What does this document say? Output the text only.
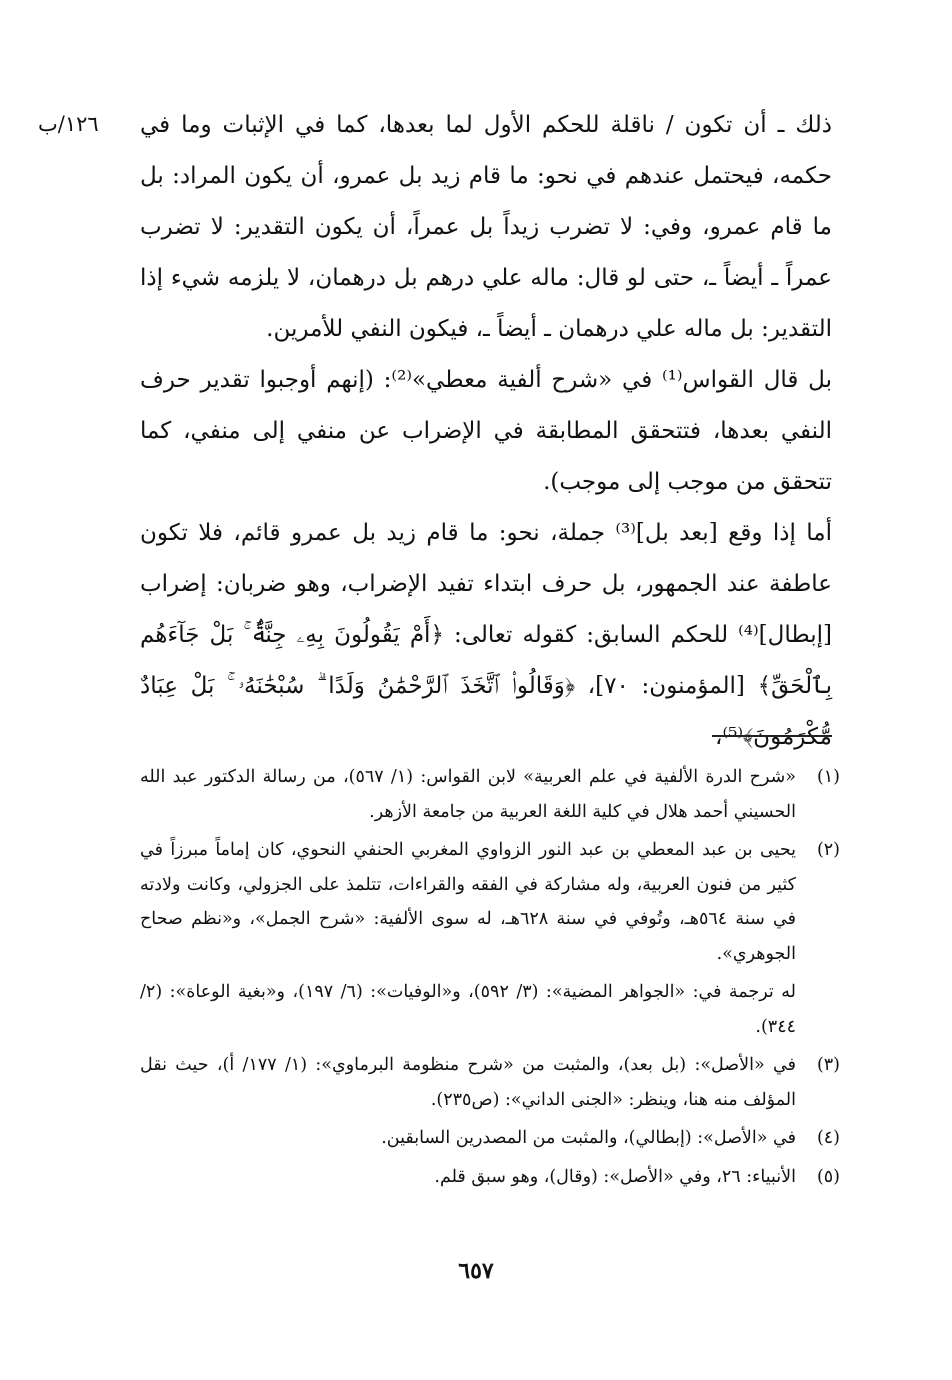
١٢٦/ب	ذلك ـ أن تكون / ناقلة للحكم الأول لما بعدها، كما في الإثبات وما في حكمه، فيحتمل عندهم في نحو: ما قام زيد بل عمرو، أن يكون المراد: بل ما قام عمرو، وفي: لا تضرب زيداً بل عمراً، أن يكون التقدير: لا تضرب عمراً ـ أيضاً ـ، حتى لو قال: ماله علي درهم بل درهمان، لا يلزمه شيء إذا التقدير: بل ماله علي درهمان ـ أيضاً ـ، فيكون النفي للأمرين.

بل قال القواس⁽¹⁾ في «شرح ألفية معطي»⁽²⁾: (إنهم أوجبوا تقدير حرف النفي بعدها، فتتحقق المطابقة في الإضراب عن منفي إلى منفي، كما تتحقق من موجب إلى موجب).

أما إذا وقع [بعد بل]⁽³⁾ جملة، نحو: ما قام زيد بل عمرو قائم، فلا تكون عاطفة عند الجمهور، بل حرف ابتداء تفيد الإضراب، وهو ضربان: إضراب [إبطال]⁽⁴⁾ للحكم السابق: كقوله تعالى: ﴿أَمْ يَقُولُونَ بِهِۦ جِنَّةٌۢ ۚ بَلْ جَآءَهُم بِٱلْحَقِّ﴾ [المؤمنون: ٧٠]، ﴿وَقَالُوا۟ ٱتَّخَذَ ٱلرَّحْمَٰنُ وَلَدًا ۗ سُبْحَٰنَهُۥ ۚ بَلْ عِبَادٌ مُّكْرَمُونَ﴾⁽⁵⁾،

(١)
«شرح الدرة الألفية في علم العربية» لابن القواس: (١/ ٥٦٧)، من رسالة الدكتور عبد الله الحسيني أحمد هلال في كلية اللغة العربية من جامعة الأزهر.
(٢)
يحيى بن عبد المعطي بن عبد النور الزواوي المغربي الحنفي النحوي، كان إماماً مبرزاً في كثير من فنون العربية، وله مشاركة في الفقه والقراءات، تتلمذ على الجزولي، وكانت ولادته في سنة ٥٦٤هـ، وتُوفي في سنة ٦٢٨هـ، له سوى الألفية: «شرح الجمل»، و«نظم صحاح الجوهري».
له ترجمة في: «الجواهر المضية»: (٣/ ٥٩٢)، و«الوفيات»: (٦/ ١٩٧)، و«بغية الوعاة»: (٢/ ٣٤٤).
(٣)
في «الأصل»: (بل بعد)، والمثبت من «شرح منظومة البرماوي»: (١/ ١٧٧/ أ)، حيث نقل المؤلف منه هنا، وينظر: «الجنى الداني»: (ص٢٣٥).
(٤)
في «الأصل»: (إبطالي)، والمثبت من المصدرين السابقين.
(٥)
الأنبياء: ٢٦، وفي «الأصل»: (وقال)، وهو سبق قلم.
٦٥٧
